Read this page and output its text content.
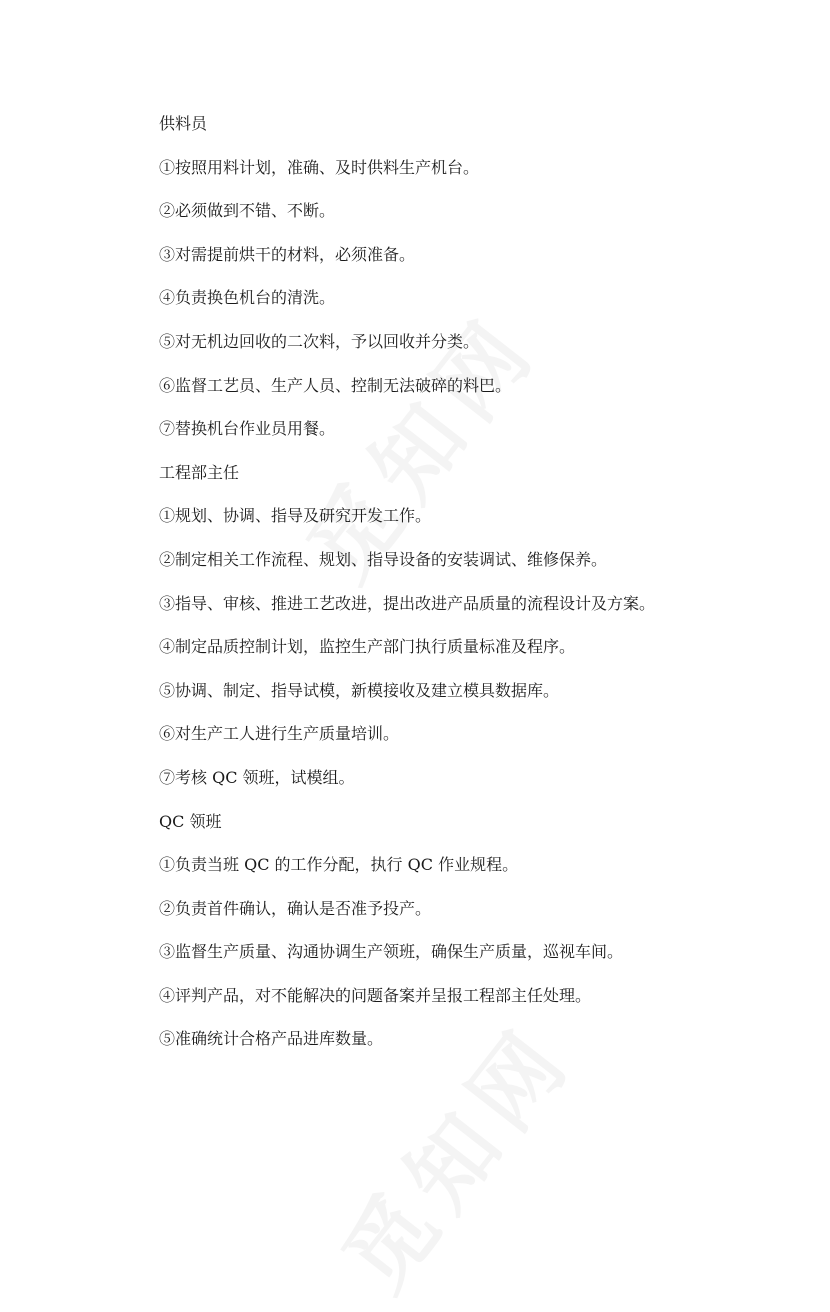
供料员
①按照用料计划，准确、及时供料生产机台。
②必须做到不错、不断。
③对需提前烘干的材料，必须准备。
④负责换色机台的清洗。
⑤对无机边回收的二次料，予以回收并分类。
⑥监督工艺员、生产人员、控制无法破碎的料巴。
⑦替换机台作业员用餐。
工程部主任
①规划、协调、指导及研究开发工作。
②制定相关工作流程、规划、指导设备的安装调试、维修保养。
③指导、审核、推进工艺改进，提出改进产品质量的流程设计及方案。
④制定品质控制计划，监控生产部门执行质量标准及程序。
⑤协调、制定、指导试模，新模接收及建立模具数据库。
⑥对生产工人进行生产质量培训。
⑦考核 QC 领班，试模组。
QC 领班
①负责当班 QC 的工作分配，执行 QC 作业规程。
②负责首件确认，确认是否准予投产。
③监督生产质量、沟通协调生产领班，确保生产质量，巡视车间。
④评判产品，对不能解决的问题备案并呈报工程部主任处理。
⑤准确统计合格产品进库数量。
